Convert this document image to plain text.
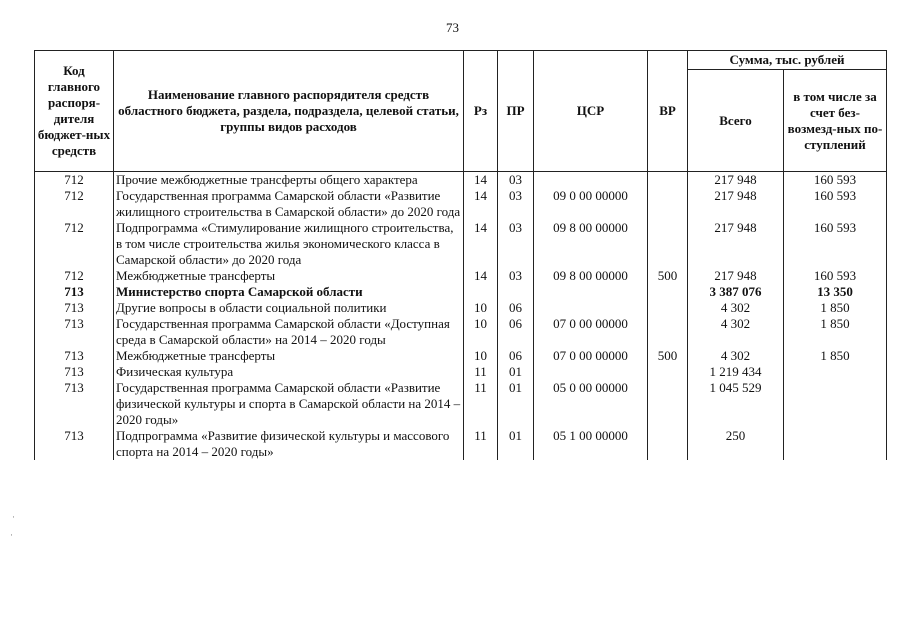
73
Код главного распоря-дителя бюджет-ных средств	Наименование главного распорядителя средств областного бюджета, раздела, подраздела, целевой статьи, группы видов расходов	Рз	ПР	ЦСР	ВР	Сумма, тыс. рублей	
						Всего	в том числе за счет без-возмезд-ных по-ступлений
712	Прочие межбюджетные трансферты общего характера	14	03			217 948	160 593
712	Государственная программа Самарской области «Развитие жилищного строительства в Самарской области» до 2020 года	14	03	09 0 00 00000		217 948	160 593
712	Подпрограмма «Стимулирование жилищного строительства, в том числе строительства жилья экономического класса в Самарской области» до 2020 года	14	03	09 8 00 00000		217 948	160 593
712	Межбюджетные трансферты	14	03	09 8 00 00000	500	217 948	160 593
713	Министерство спорта Самарской области					3 387 076	13 350
713	Другие вопросы в области социальной политики	10	06			4 302	1 850
713	Государственная программа Самарской области «Доступная среда в Самарской области» на 2014 – 2020 годы	10	06	07 0 00 00000		4 302	1 850
713	Межбюджетные трансферты	10	06	07 0 00 00000	500	4 302	1 850
713	Физическая культура	11	01			1 219 434	
713	Государственная программа Самарской области «Развитие физической культуры и спорта в Самарской области на 2014 – 2020 годы»	11	01	05 0 00 00000		1 045 529	
713	Подпрограмма «Развитие физической культуры и массового спорта на 2014 – 2020 годы»	11	01	05 1 00 00000		250	
·
·
